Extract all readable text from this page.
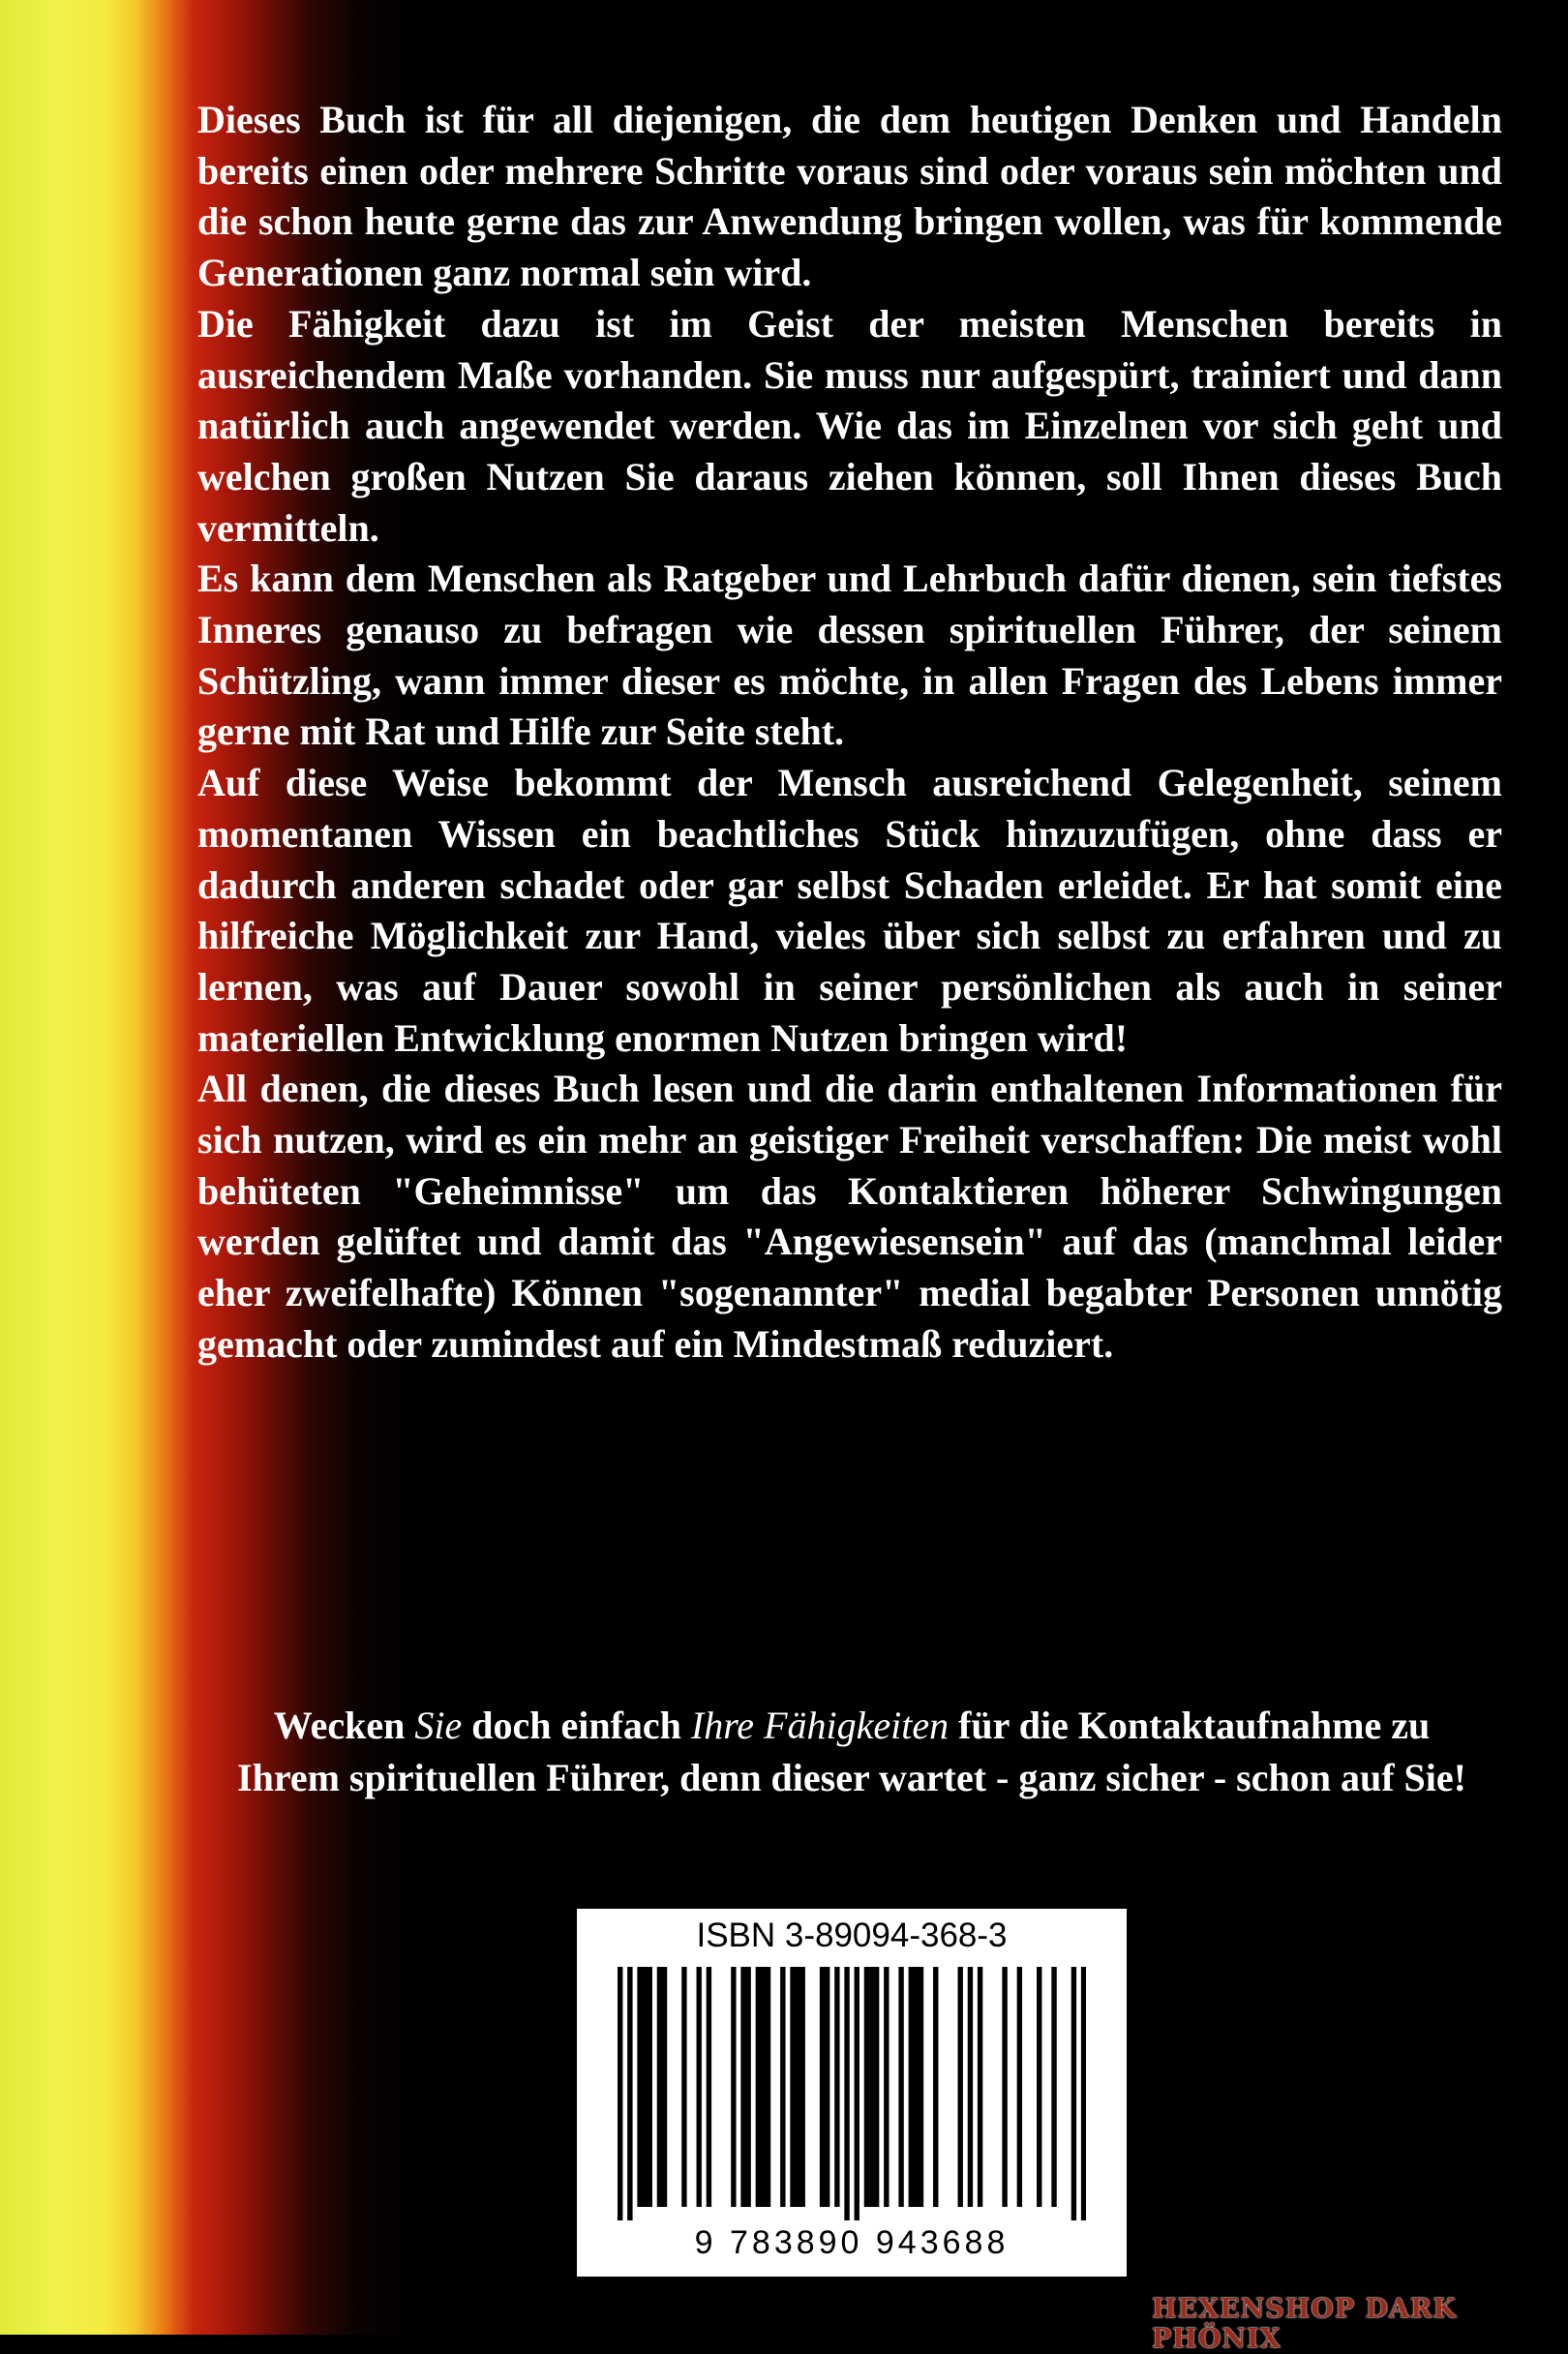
Dieses Buch ist für all diejenigen, die dem heutigen Denken und Handeln bereits einen oder mehrere Schritte voraus sind oder voraus sein möchten und die schon heute gerne das zur Anwendung bringen wollen, was für kommende Generationen ganz normal sein wird.

Die Fähigkeit dazu ist im Geist der meisten Menschen bereits in ausreichendem Maße vorhanden. Sie muss nur aufgespürt, trainiert und dann natürlich auch angewendet werden. Wie das im Einzelnen vor sich geht und welchen großen Nutzen Sie daraus ziehen können, soll Ihnen dieses Buch vermitteln.

Es kann dem Menschen als Ratgeber und Lehrbuch dafür dienen, sein tiefstes Inneres genauso zu befragen wie dessen spirituellen Führer, der seinem Schützling, wann immer dieser es möchte, in allen Fragen des Lebens immer gerne mit Rat und Hilfe zur Seite steht.

Auf diese Weise bekommt der Mensch ausreichend Gelegenheit, seinem momentanen Wissen ein beachtliches Stück hinzuzufügen, ohne dass er dadurch anderen schadet oder gar selbst Schaden erleidet. Er hat somit eine hilfreiche Möglichkeit zur Hand, vieles über sich selbst zu erfahren und zu lernen, was auf Dauer sowohl in seiner persönlichen als auch in seiner materiellen Entwicklung enormen Nutzen bringen wird!

All denen, die dieses Buch lesen und die darin enthaltenen Informationen für sich nutzen, wird es ein mehr an geistiger Freiheit verschaffen: Die meist wohl behüteten "Geheimnisse" um das Kontaktieren höherer Schwingungen werden gelüftet und damit das "Angewiesensein" auf das (manchmal leider eher zweifelhafte) Können "sogenannter" medial begabter Personen unnötig gemacht oder zumindest auf ein Mindestmaß reduziert.

Wecken Sie doch einfach Ihre Fähigkeiten für die Kontaktaufnahme zu Ihrem spirituellen Führer, denn dieser wartet - ganz sicher - schon auf Sie!
ISBN 3-89094-368-3
9 783890 943688
HEXENSHOP DARK PHÖNIX
